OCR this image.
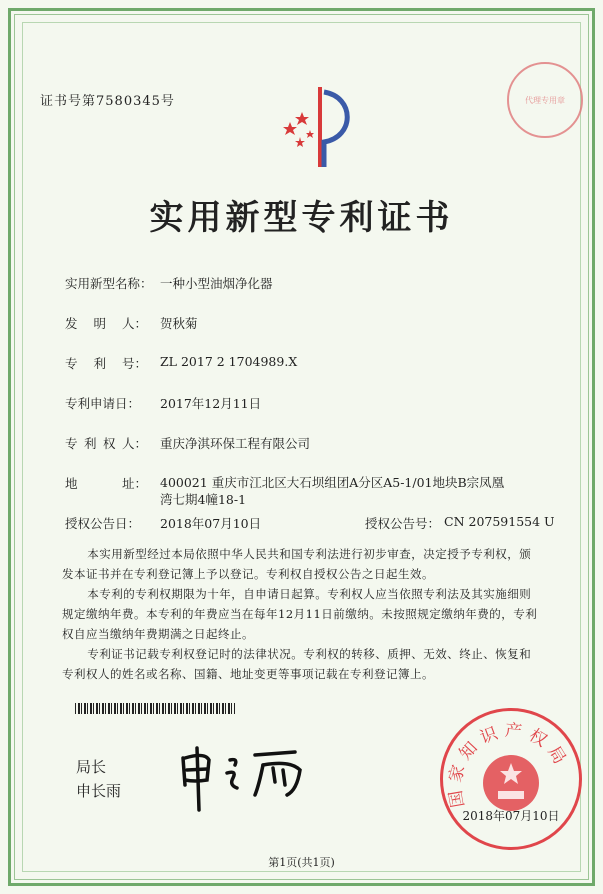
证书号第7580345号	代理专用章
实用新型专利证书
实用新型名称： 一种小型油烟净化器
发 明 人： 贺秋菊
专 利 号： ZL 2017 2 1704989.X
专利申请日：	2017年12月11日
专 利 权 人： 重庆净淇环保工程有限公司
地	址： 400021 重庆市江北区大石坝组团A分区A5-1/01地块B宗凤凰湾七期4幢18-1
授权公告日：	2018年07月10日	授权公告号： CN 207591554 U

本实用新型经过本局依照中华人民共和国专利法进行初步审查，决定授予专利权，颁发本证书并在专利登记簿上予以登记。专利权自授权公告之日起生效。

本专利的专利权期限为十年，自申请日起算。专利权人应当依照专利法及其实施细则规定缴纳年费。本专利的年费应当在每年12月11日前缴纳。未按照规定缴纳年费的，专利权自应当缴纳年费期满之日起终止。

专利证书记载专利权登记时的法律状况。专利权的转移、质押、无效、终止、恢复和专利权人的姓名或名称、国籍、地址变更等事项记载在专利登记簿上。

局长
申长雨	国家知识产权局
2018年07月10日
第1页(共1页)
